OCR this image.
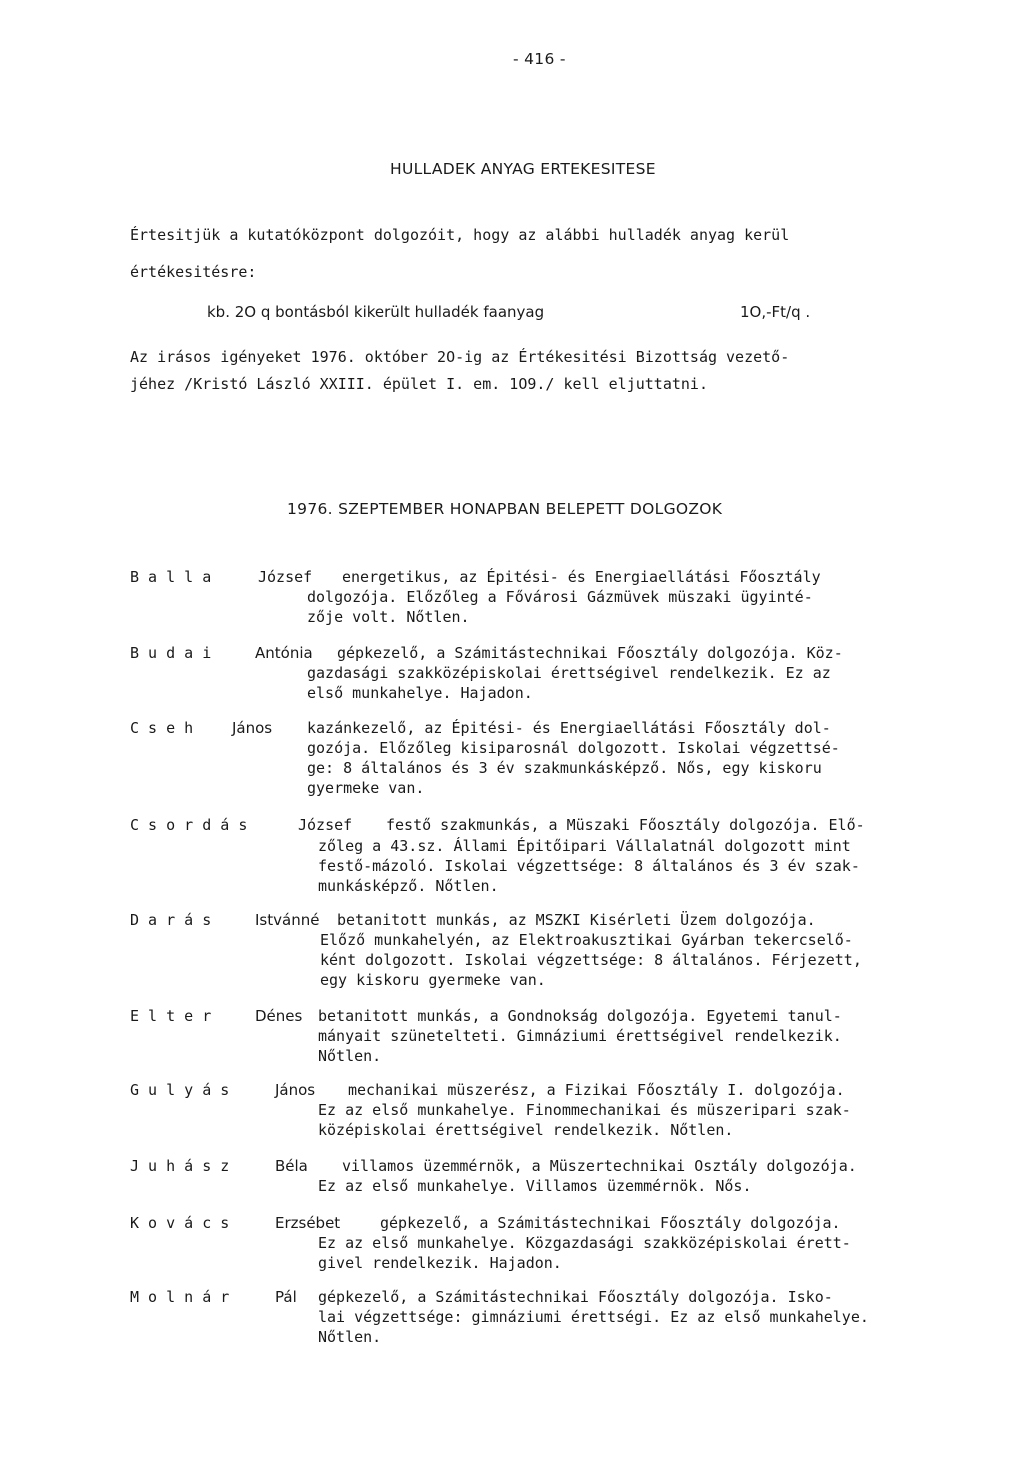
- 416 -
HULLADEK ANYAG ERTEKESITESE
Értesitjük a kutatóközpont dolgozóit, hogy az alábbi hulladék anyag kerül
értékesitésre:
kb. 2O q bontásból kikerült hulladék faanyag	1O,-Ft/q .
Az irásos igényeket 1976. október 2O-ig az Értékesitési Bizottság vezető-
jéhez /Kristó László XXIII. épület I. em. 1O9./ kell eljuttatni.
1976. SZEPTEMBER HONAPBAN BELEPETT DOLGOZOK
B a l l a	József energetikus, az Épitési- és Energiaellátási Főosztály
dolgozója. Előzőleg a Fővárosi Gázmüvek müszaki ügyinté-
zője volt. Nőtlen.
B u d a i	Antónia gépkezelő, a Számitástechnikai Főosztály dolgozója. Köz-
gazdasági szakközépiskolai érettségivel rendelkezik. Ez az
első munkahelye. Hajadon.
C s e h	János kazánkezelő, az Épitési- és Energiaellátási Főosztály dol-
gozója. Előzőleg kisiparosnál dolgozott. Iskolai végzettsé-
ge: 8 általános és 3 év szakmunkásképző. Nős, egy kiskoru
gyermeke van.
C s o r d á s	József festő szakmunkás, a Müszaki Főosztály dolgozója. Elő-
zőleg a 43.sz. Állami Épitőipari Vállalatnál dolgozott mint
festő-mázoló. Iskolai végzettsége: 8 általános és 3 év szak-
munkásképző. Nőtlen.
D a r á s	Istvánné betanitott munkás, az MSZKI Kisérleti Üzem dolgozója.
Előző munkahelyén, az Elektroakusztikai Gyárban tekercselő-
ként dolgozott. Iskolai végzettsége: 8 általános. Férjezett,
egy kiskoru gyermeke van.
E l t e r	Dénes betanitott munkás, a Gondnokság dolgozója. Egyetemi tanul-
mányait szünetelteti. Gimnáziumi érettségivel rendelkezik.
Nőtlen.
G u l y á s	János mechanikai müszerész, a Fizikai Főosztály I. dolgozója.
Ez az első munkahelye. Finommechanikai és müszeripari szak-
középiskolai érettségivel rendelkezik. Nőtlen.
J u h á s z	Béla villamos üzemmérnök, a Müszertechnikai Osztály dolgozója.
Ez az első munkahelye. Villamos üzemmérnök. Nős.
K o v á c s	Erzsébet	gépkezelő, a Számitástechnikai Főosztály dolgozója.
Ez az első munkahelye. Közgazdasági szakközépiskolai érett-
givel rendelkezik. Hajadon.
M o l n á r	Pál gépkezelő, a Számitástechnikai Főosztály dolgozója. Isko-
lai végzettsége: gimnáziumi érettségi. Ez az első munkahelye.
Nőtlen.
